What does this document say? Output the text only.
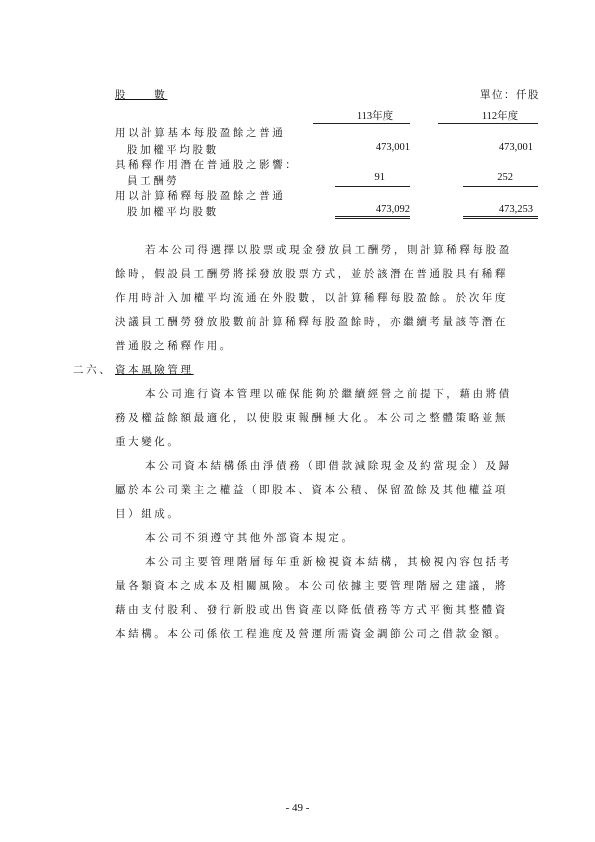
股　　數	單位：仟股
113年度	112年度
用以計算基本每股盈餘之普通
股加權平均股數	473,001	473,001
具稀釋作用潛在普通股之影響：
員工酬勞	91	252
用以計算稀釋每股盈餘之普通
股加權平均股數	473,092	473,253
若本公司得選擇以股票或現金發放員工酬勞，則計算稀釋每股盈
餘時，假設員工酬勞將採發放股票方式，並於該潛在普通股具有稀釋
作用時計入加權平均流通在外股數，以計算稀釋每股盈餘。於次年度
決議員工酬勞發放股數前計算稀釋每股盈餘時，亦繼續考量該等潛在
普通股之稀釋作用。
二六、 資本風險管理
本公司進行資本管理以確保能夠於繼續經營之前提下，藉由將債
務及權益餘額最適化，以使股東報酬極大化。本公司之整體策略並無
重大變化。
本公司資本結構係由淨債務（即借款減除現金及約當現金）及歸
屬於本公司業主之權益（即股本、資本公積、保留盈餘及其他權益項
目）組成。
本公司不須遵守其他外部資本規定。
本公司主要管理階層每年重新檢視資本結構，其檢視內容包括考
量各類資本之成本及相關風險。本公司依據主要管理階層之建議，將
藉由支付股利、發行新股或出售資產以降低債務等方式平衡其整體資
本結構。本公司係依工程進度及營運所需資金調節公司之借款金額。
- 49 -
